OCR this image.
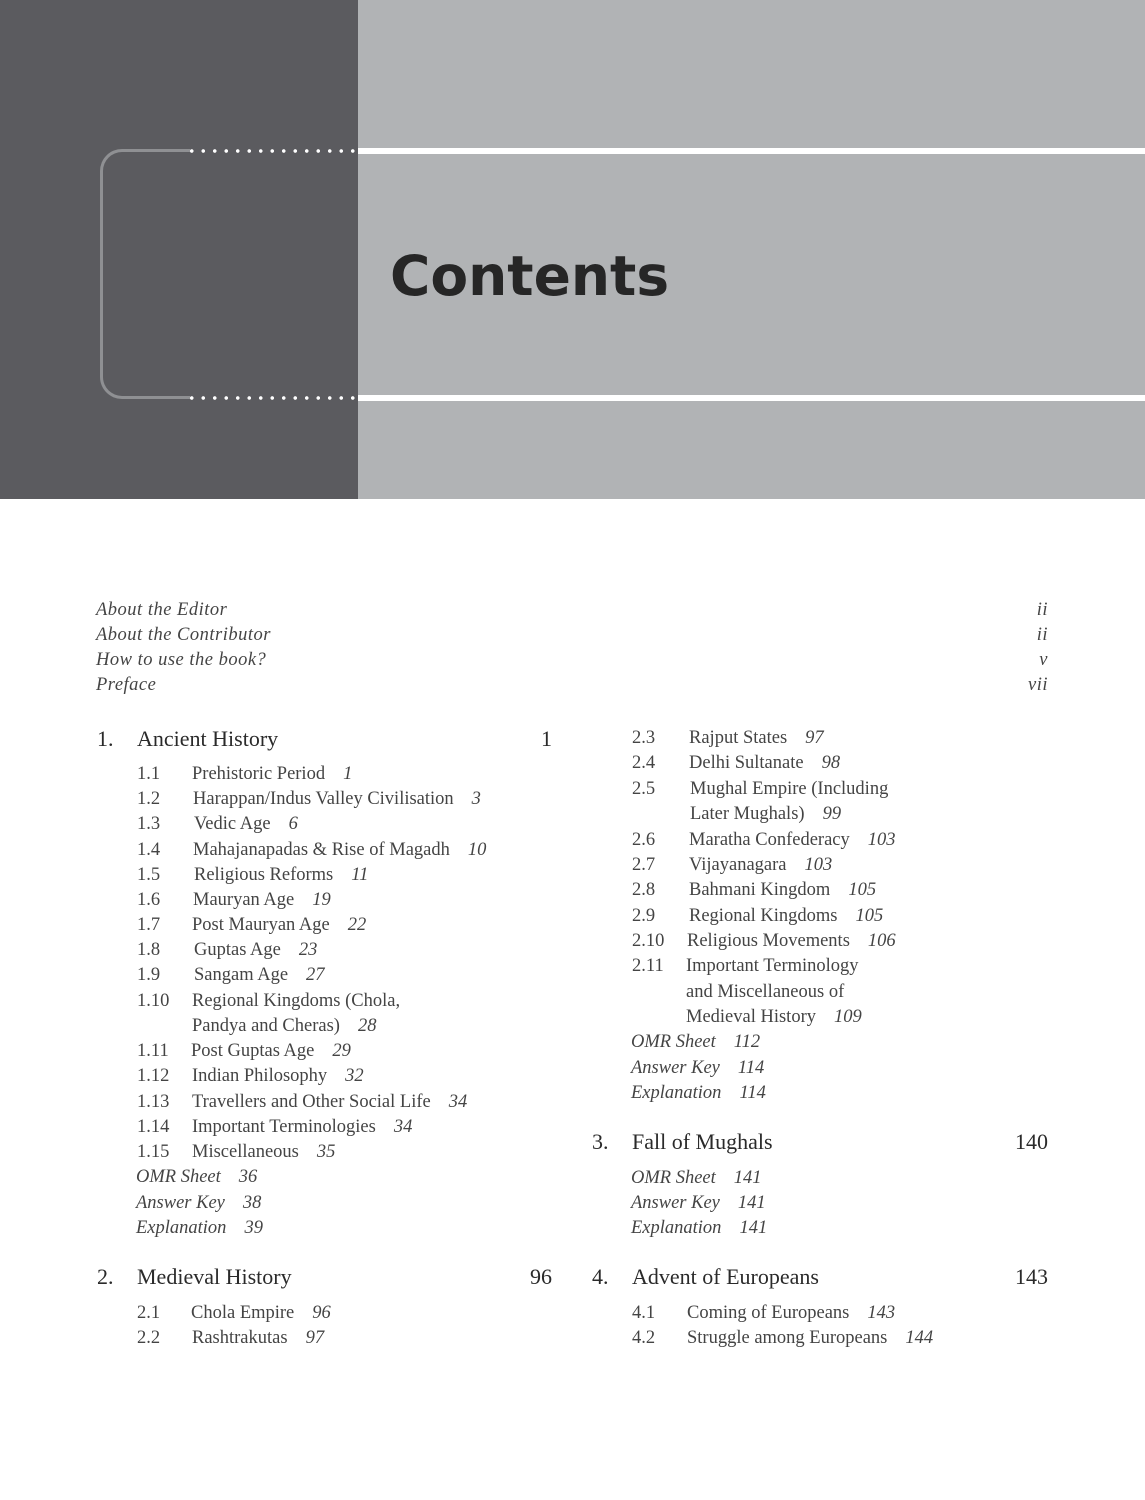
Contents
About the Editor	ii
About the Contributor	ii
How to use the book?	v
Preface	vii
1. Ancient History	1
1.1 Prehistoric Period 1
1.2 Harappan/Indus Valley Civilisation 3
1.3 Vedic Age 6
1.4 Mahajanapadas & Rise of Magadh 10
1.5 Religious Reforms 11
1.6 Mauryan Age 19
1.7 Post Mauryan Age 22
1.8 Guptas Age 23
1.9 Sangam Age 27
1.10 Regional Kingdoms (Chola,
Pandya and Cheras) 28
1.11 Post Guptas Age 29
1.12 Indian Philosophy 32
1.13 Travellers and Other Social Life 34
1.14 Important Terminologies 34
1.15 Miscellaneous 35
OMR Sheet 36
Answer Key 38
Explanation 39
2. Medieval History	96
2.1 Chola Empire 96
2.2 Rashtrakutas 97
2.3 Rajput States 97
2.4 Delhi Sultanate 98
2.5 Mughal Empire (Including
Later Mughals) 99
2.6 Maratha Confederacy 103
2.7 Vijayanagara 103
2.8 Bahmani Kingdom 105
2.9 Regional Kingdoms 105
2.10 Religious Movements 106
2.11 Important Terminology
and Miscellaneous of
Medieval History 109
OMR Sheet 112
Answer Key 114
Explanation 114
3. Fall of Mughals	140
OMR Sheet 141
Answer Key 141
Explanation 141
4. Advent of Europeans	143
4.1 Coming of Europeans 143
4.2 Struggle among Europeans 144
